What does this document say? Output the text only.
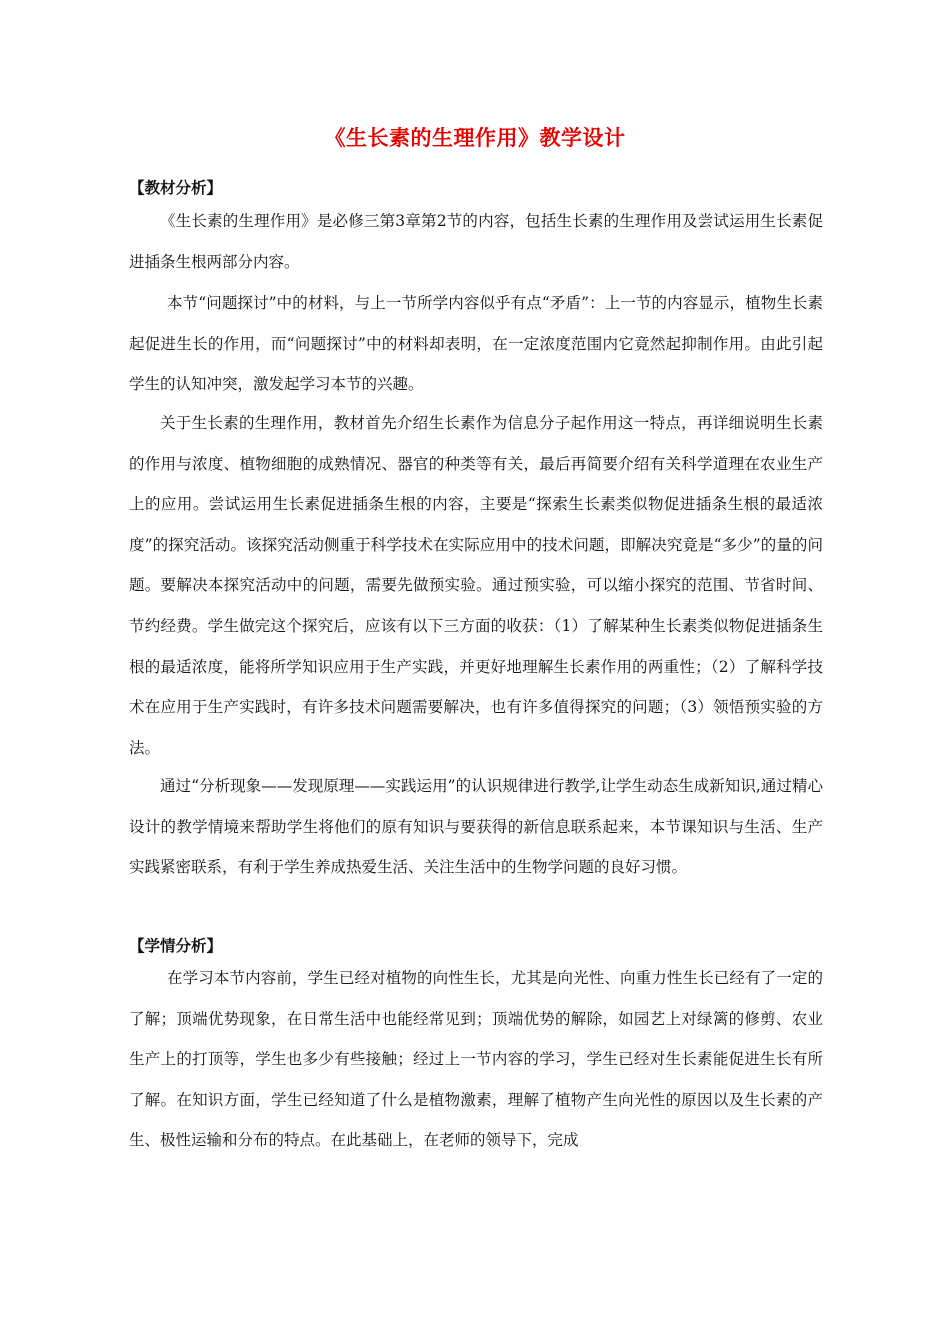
《生长素的生理作用》教学设计
【教材分析】

《生长素的生理作用》是必修三第3章第2节的内容，包括生长素的生理作用及尝试运用生长素促进插条生根两部分内容。

本节“问题探讨”中的材料，与上一节所学内容似乎有点“矛盾”：上一节的内容显示，植物生长素起促进生长的作用，而“问题探讨”中的材料却表明，在一定浓度范围内它竟然起抑制作用。由此引起学生的认知冲突，激发起学习本节的兴趣。

关于生长素的生理作用，教材首先介绍生长素作为信息分子起作用这一特点，再详细说明生长素的作用与浓度、植物细胞的成熟情况、器官的种类等有关，最后再简要介绍有关科学道理在农业生产上的应用。尝试运用生长素促进插条生根的内容，主要是“探索生长素类似物促进插条生根的最适浓度”的探究活动。该探究活动侧重于科学技术在实际应用中的技术问题，即解决究竟是“多少”的量的问题。要解决本探究活动中的问题，需要先做预实验。通过预实验，可以缩小探究的范围、节省时间、节约经费。学生做完这个探究后，应该有以下三方面的收获：（1）了解某种生长素类似物促进插条生根的最适浓度，能将所学知识应用于生产实践，并更好地理解生长素作用的两重性；（2）了解科学技术在应用于生产实践时，有许多技术问题需要解决，也有许多值得探究的问题；（3）领悟预实验的方法。

通过“分析现象——发现原理——实践运用”的认识规律进行教学,让学生动态生成新知识,通过精心设计的教学情境来帮助学生将他们的原有知识与要获得的新信息联系起来，本节课知识与生活、生产实践紧密联系，有利于学生养成热爱生活、关注生活中的生物学问题的良好习惯。

【学情分析】

在学习本节内容前，学生已经对植物的向性生长，尤其是向光性、向重力性生长已经有了一定的了解；顶端优势现象，在日常生活中也能经常见到；顶端优势的解除，如园艺上对绿篱的修剪、农业生产上的打顶等，学生也多少有些接触；经过上一节内容的学习，学生已经对生长素能促进生长有所了解。在知识方面，学生已经知道了什么是植物激素，理解了植物产生向光性的原因以及生长素的产生、极性运输和分布的特点。在此基础上，在老师的领导下，完成
